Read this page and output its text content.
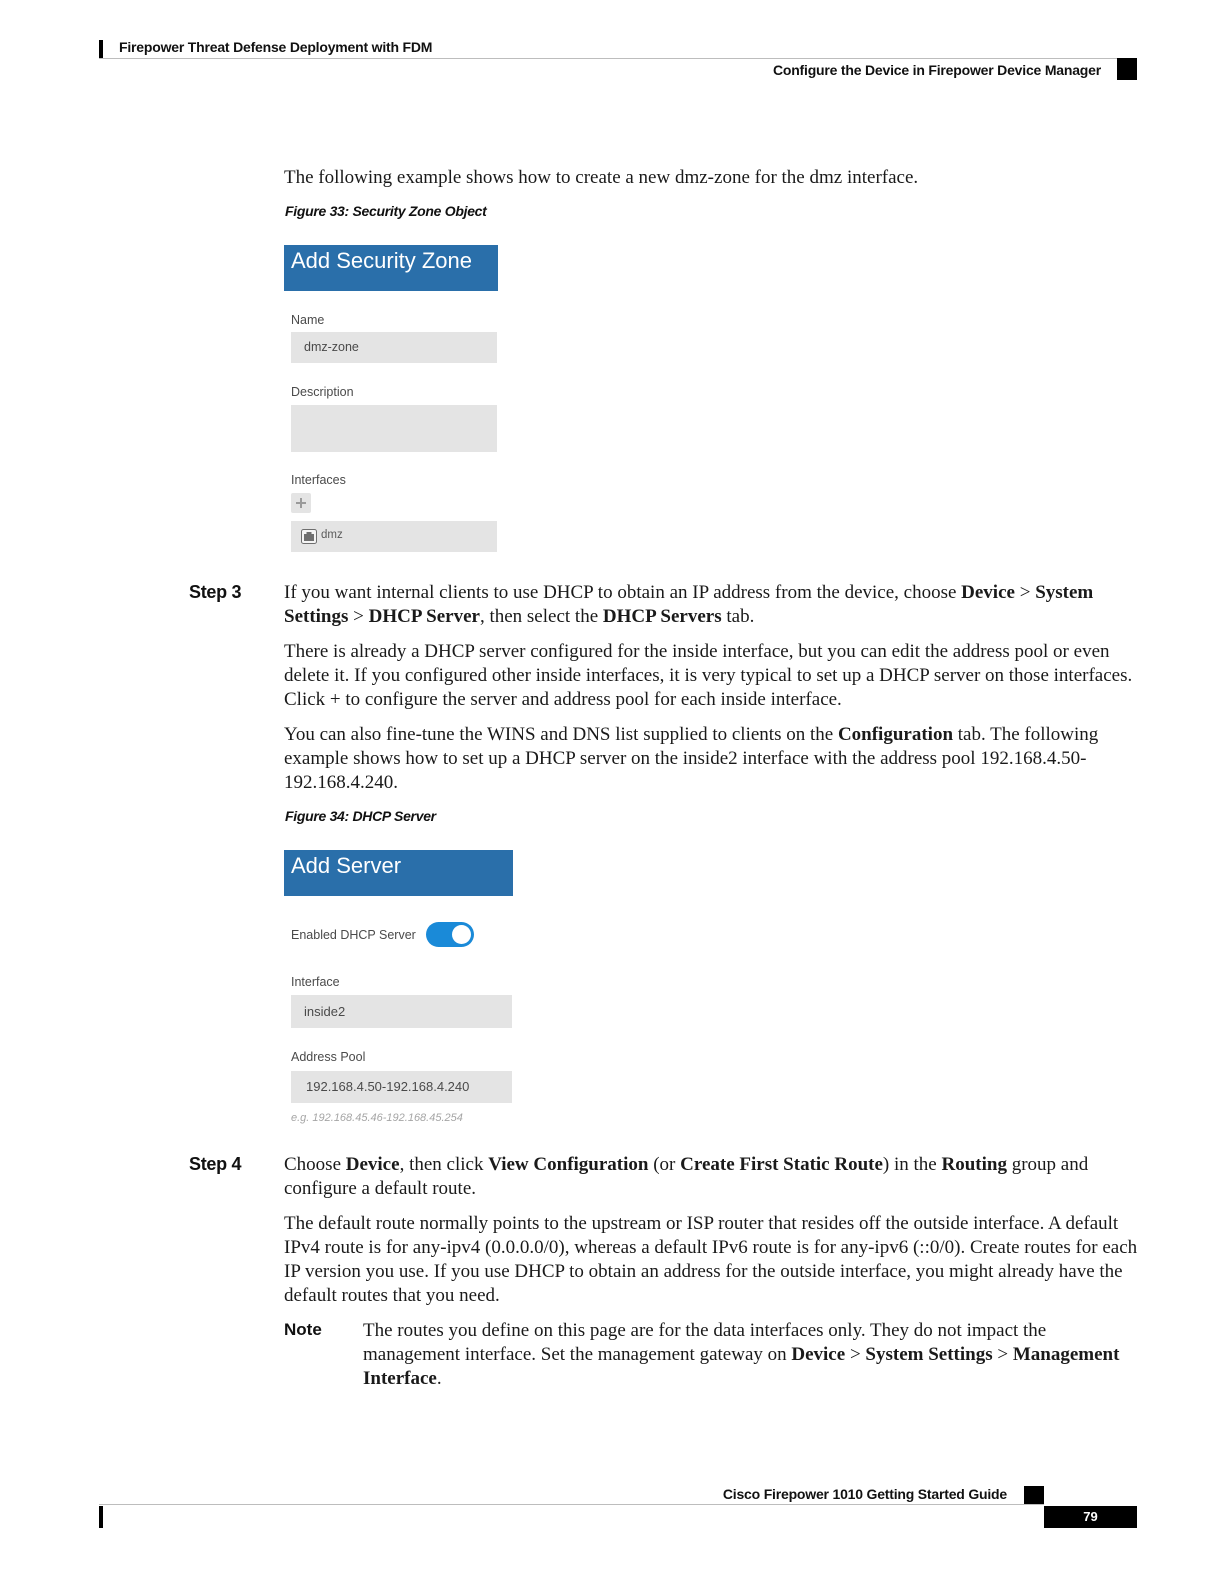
Firepower Threat Defense Deployment with FDM
Configure the Device in Firepower Device Manager
The following example shows how to create a new dmz-zone for the dmz interface.
Figure 33: Security Zone Object
Add Security Zone
Name
dmz-zone
Description
Interfaces
dmz
Step 3 If you want internal clients to use DHCP to obtain an IP address from the device, choose Device > System Settings > DHCP Server, then select the DHCP Servers tab.
There is already a DHCP server configured for the inside interface, but you can edit the address pool or even delete it. If you configured other inside interfaces, it is very typical to set up a DHCP server on those interfaces. Click + to configure the server and address pool for each inside interface.
You can also fine-tune the WINS and DNS list supplied to clients on the Configuration tab. The following example shows how to set up a DHCP server on the inside2 interface with the address pool 192.168.4.50-192.168.4.240.
Figure 34: DHCP Server
Add Server
Enabled DHCP Server
Interface
inside2
Address Pool
192.168.4.50-192.168.4.240
e.g. 192.168.45.46-192.168.45.254
Step 4 Choose Device, then click View Configuration (or Create First Static Route) in the Routing group and configure a default route.
The default route normally points to the upstream or ISP router that resides off the outside interface. A default IPv4 route is for any-ipv4 (0.0.0.0/0), whereas a default IPv6 route is for any-ipv6 (::0/0). Create routes for each IP version you use. If you use DHCP to obtain an address for the outside interface, you might already have the default routes that you need.
Note The routes you define on this page are for the data interfaces only. They do not impact the management interface. Set the management gateway on Device > System Settings > Management Interface.
Cisco Firepower 1010 Getting Started Guide
79
